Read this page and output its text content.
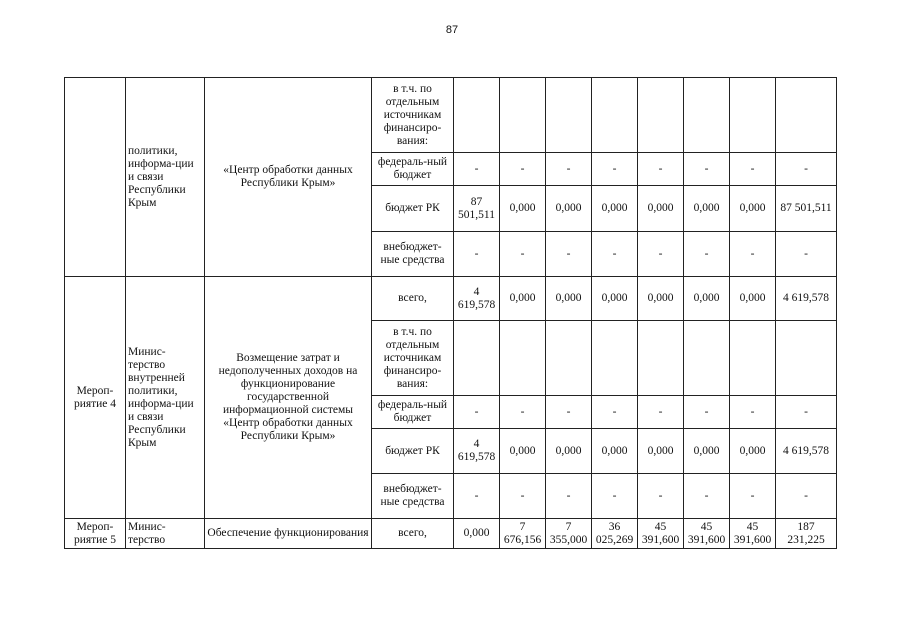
87
	политики, информа-ции и связи Республики Крым	«Центр обработки данных Республики Крым»	в т.ч. по отдельным источникам финансиро-вания:								
			федераль-ный бюджет	-	-	-	-	-	-	-	-
			бюджет РК	87 501,511	0,000	0,000	0,000	0,000	0,000	0,000	87 501,511
			внебюджет-ные средства	-	-	-	-	-	-	-	-
Мероп-риятие 4	Минис-терство внутренней политики, информа-ции и связи Республики Крым	Возмещение затрат и недополученных доходов на функционирование государственной информационной системы «Центр обработки данных Республики Крым»	всего,	4 619,578	0,000	0,000	0,000	0,000	0,000	0,000	4 619,578
			в т.ч. по отдельным источникам финансиро-вания:								
			федераль-ный бюджет	-	-	-	-	-	-	-	-
			бюджет РК	4 619,578	0,000	0,000	0,000	0,000	0,000	0,000	4 619,578
			внебюджет-ные средства	-	-	-	-	-	-	-	-
Мероп-риятие 5	Минис-терство	Обеспечение функционирования	всего,	0,000	7 676,156	7 355,000	36 025,269	45 391,600	45 391,600	45 391,600	187 231,225
